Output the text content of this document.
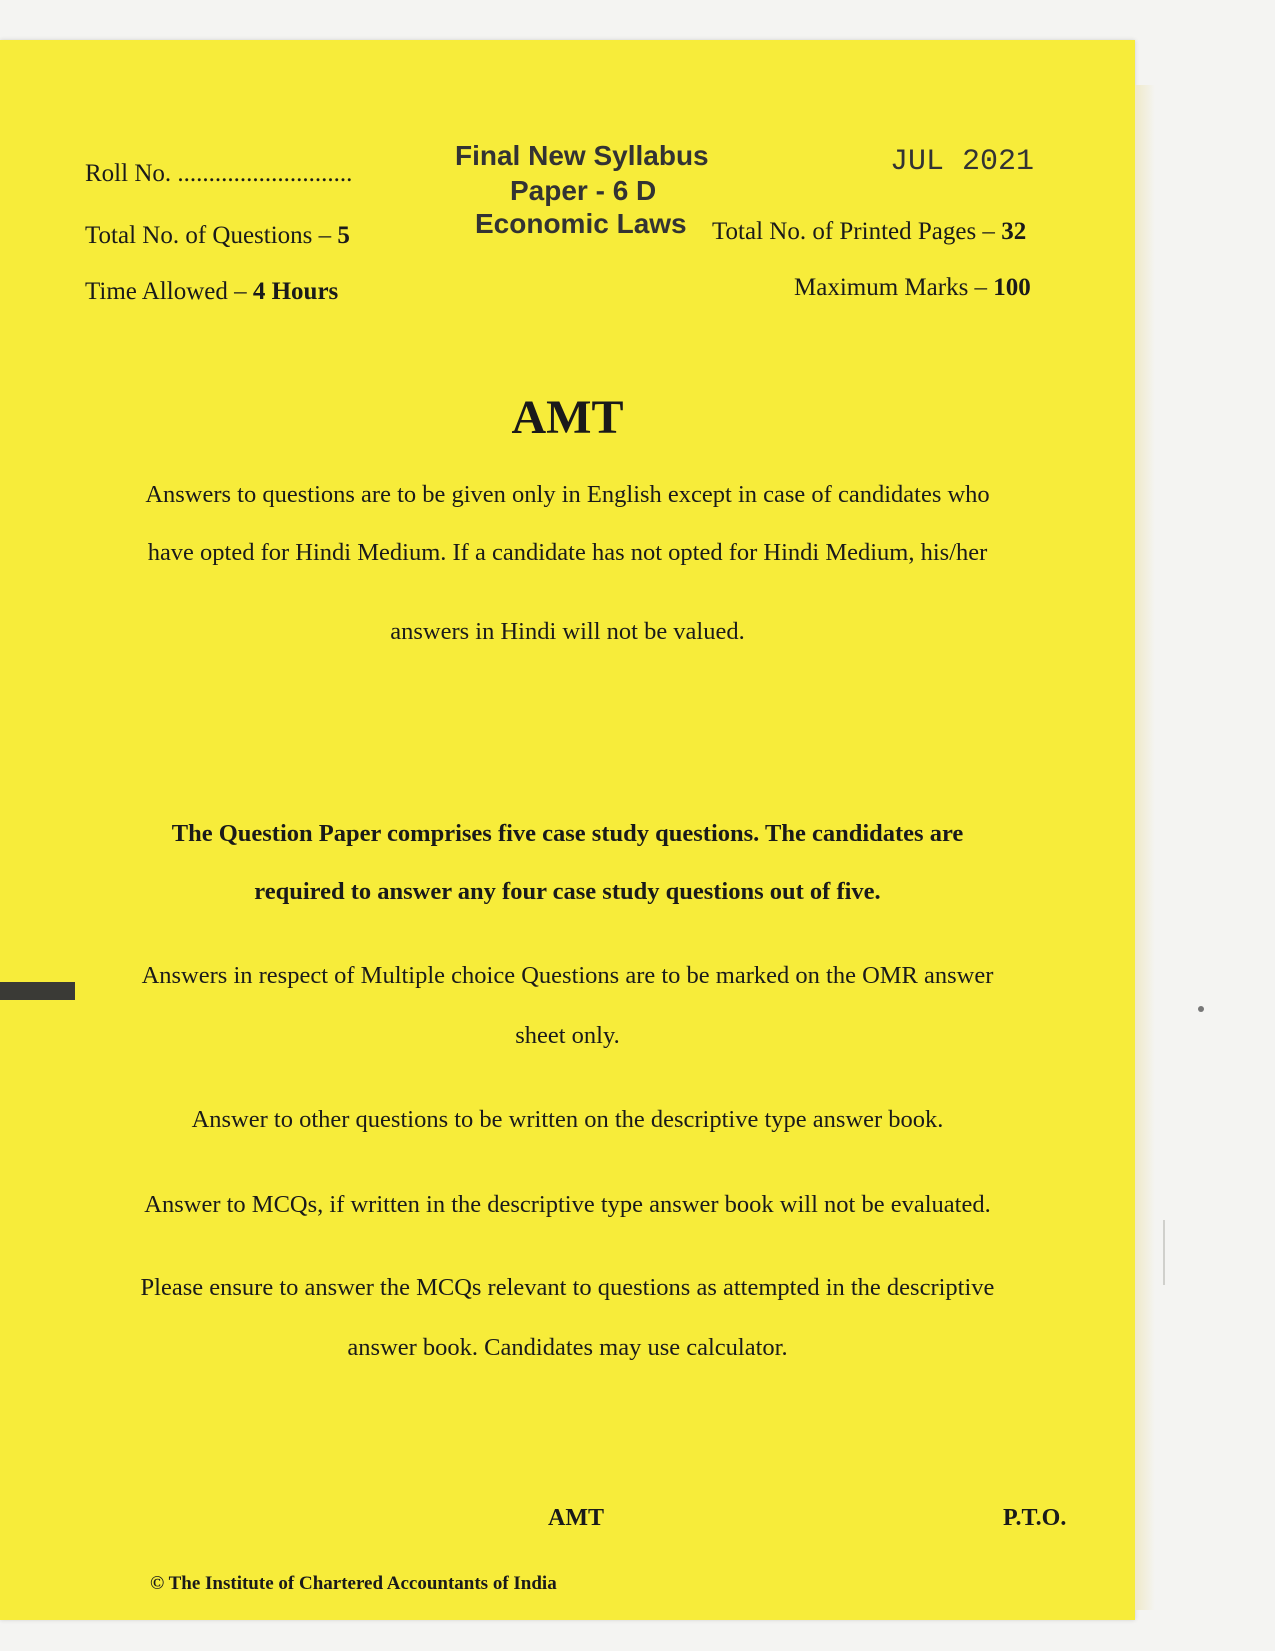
Roll No. ............................
Final New Syllabus
Paper - 6 D
Economic Laws
JUL 2021
Total No. of Questions – 5	Total No. of Printed Pages – 32
Time Allowed – 4 Hours	Maximum Marks – 100
AMT
Answers to questions are to be given only in English except in case of candidates who
have opted for Hindi Medium. If a candidate has not opted for Hindi Medium, his/her
answers in Hindi will not be valued.
The Question Paper comprises five case study questions. The candidates are
required to answer any four case study questions out of five.
Answers in respect of Multiple choice Questions are to be marked on the OMR answer
sheet only.
Answer to other questions to be written on the descriptive type answer book.
Answer to MCQs, if written in the descriptive type answer book will not be evaluated.
Please ensure to answer the MCQs relevant to questions as attempted in the descriptive
answer book. Candidates may use calculator.
AMT	P.T.O.
© The Institute of Chartered Accountants of India
